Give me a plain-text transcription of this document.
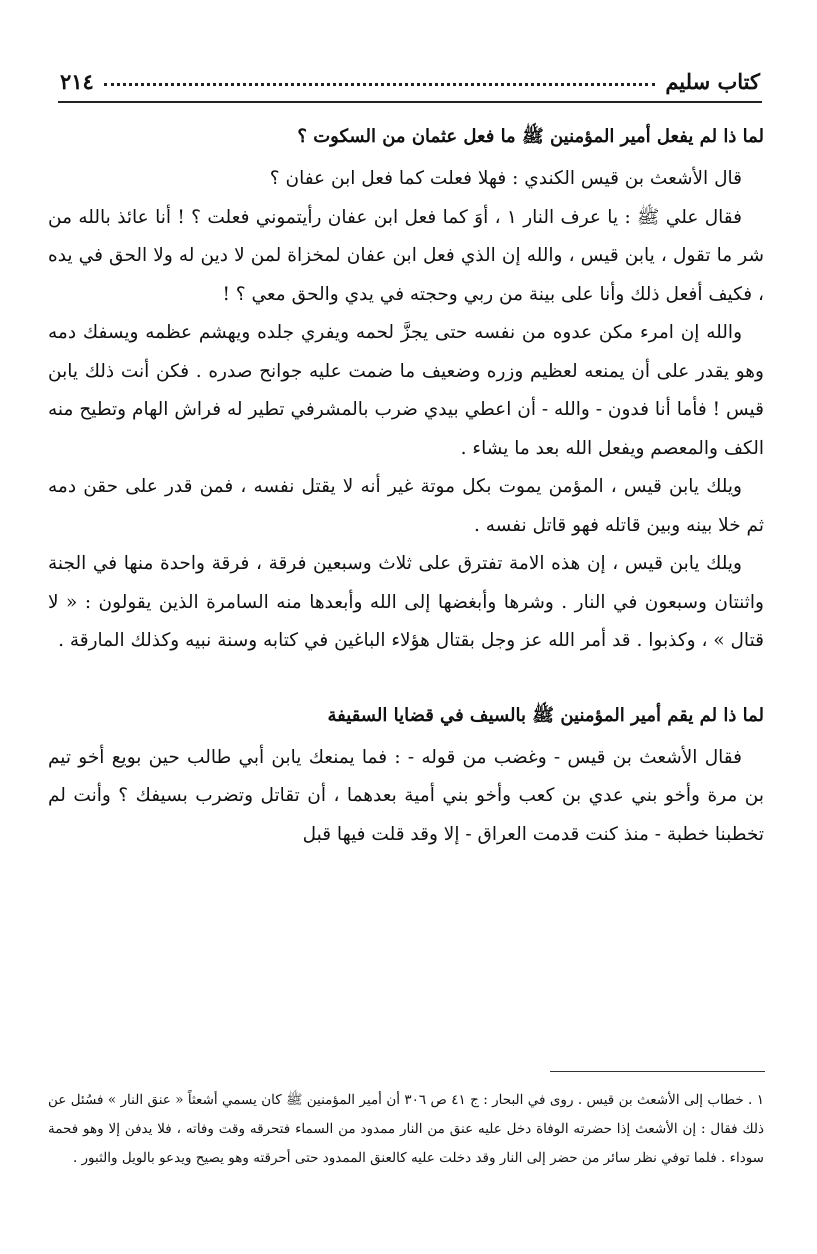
كتاب سليم
٢١٤
لما ذا لم يفعل أمير المؤمنين ﷺ ما فعل عثمان من السكوت ؟

قال الأشعث بن قيس الكندي : فهلا فعلت كما فعل ابن عفان ؟

فقال علي ﷺ : يا عرف النار ١ ، أوَ كما فعل ابن عفان رأيتموني فعلت ؟ ! أنا عائذ بالله من شر ما تقول ، يابن قيس ، والله إن الذي فعل ابن عفان لمخزاة لمن لا دين له ولا الحق في يده ، فكيف أفعل ذلك وأنا على بينة من ربي وحجته في يدي والحق معي ؟ !

والله إن امرء مكن عدوه من نفسه حتى يجزَّ لحمه ويفري جلده ويهشم عظمه ويسفك دمه وهو يقدر على أن يمنعه لعظيم وزره وضعيف ما ضمت عليه جوانح صدره . فكن أنت ذلك يابن قيس ! فأما أنا فدون - والله - أن اعطي بيدي ضرب بالمشرفي تطير له فراش الهام وتطيح منه الكف والمعصم ويفعل الله بعد ما يشاء .

ويلك يابن قيس ، المؤمن يموت بكل موتة غير أنه لا يقتل نفسه ، فمن قدر على حقن دمه ثم خلا بينه وبين قاتله فهو قاتل نفسه .

ويلك يابن قيس ، إن هذه الامة تفترق على ثلاث وسبعين فرقة ، فرقة واحدة منها في الجنة واثنتان وسبعون في النار . وشرها وأبغضها إلى الله وأبعدها منه السامرة الذين يقولون : « لا قتال » ، وكذبوا . قد أمر الله عز وجل بقتال هؤلاء الباغين في كتابه وسنة نبيه وكذلك المارقة .

لما ذا لم يقم أمير المؤمنين ﷺ بالسيف في قضايا السقيفة

فقال الأشعث بن قيس - وغضب من قوله - : فما يمنعك يابن أبي طالب حين بويع أخو تيم بن مرة وأخو بني عدي بن كعب وأخو بني أمية بعدهما ، أن تقاتل وتضرب بسيفك ؟ وأنت لم تخطبنا خطبة - منذ كنت قدمت العراق - إلا وقد قلت فيها قبل

١ . خطاب إلى الأشعث بن قيس . روى في البحار : ج ٤١ ص ٣٠٦ أن أمير المؤمنين ﷺ كان يسمي أشعثاً « عنق النار » فسُئل عن ذلك فقال : إن الأشعث إذا حضرته الوفاة دخل عليه عنق من النار ممدود من السماء فتحرقه وقت وفاته ، فلا يدفن إلا وهو فحمة سوداء . فلما توفي نظر سائر من حضر إلى النار وقد دخلت عليه كالعنق الممدود حتى أحرقته وهو يصيح ويدعو بالويل والثبور .
